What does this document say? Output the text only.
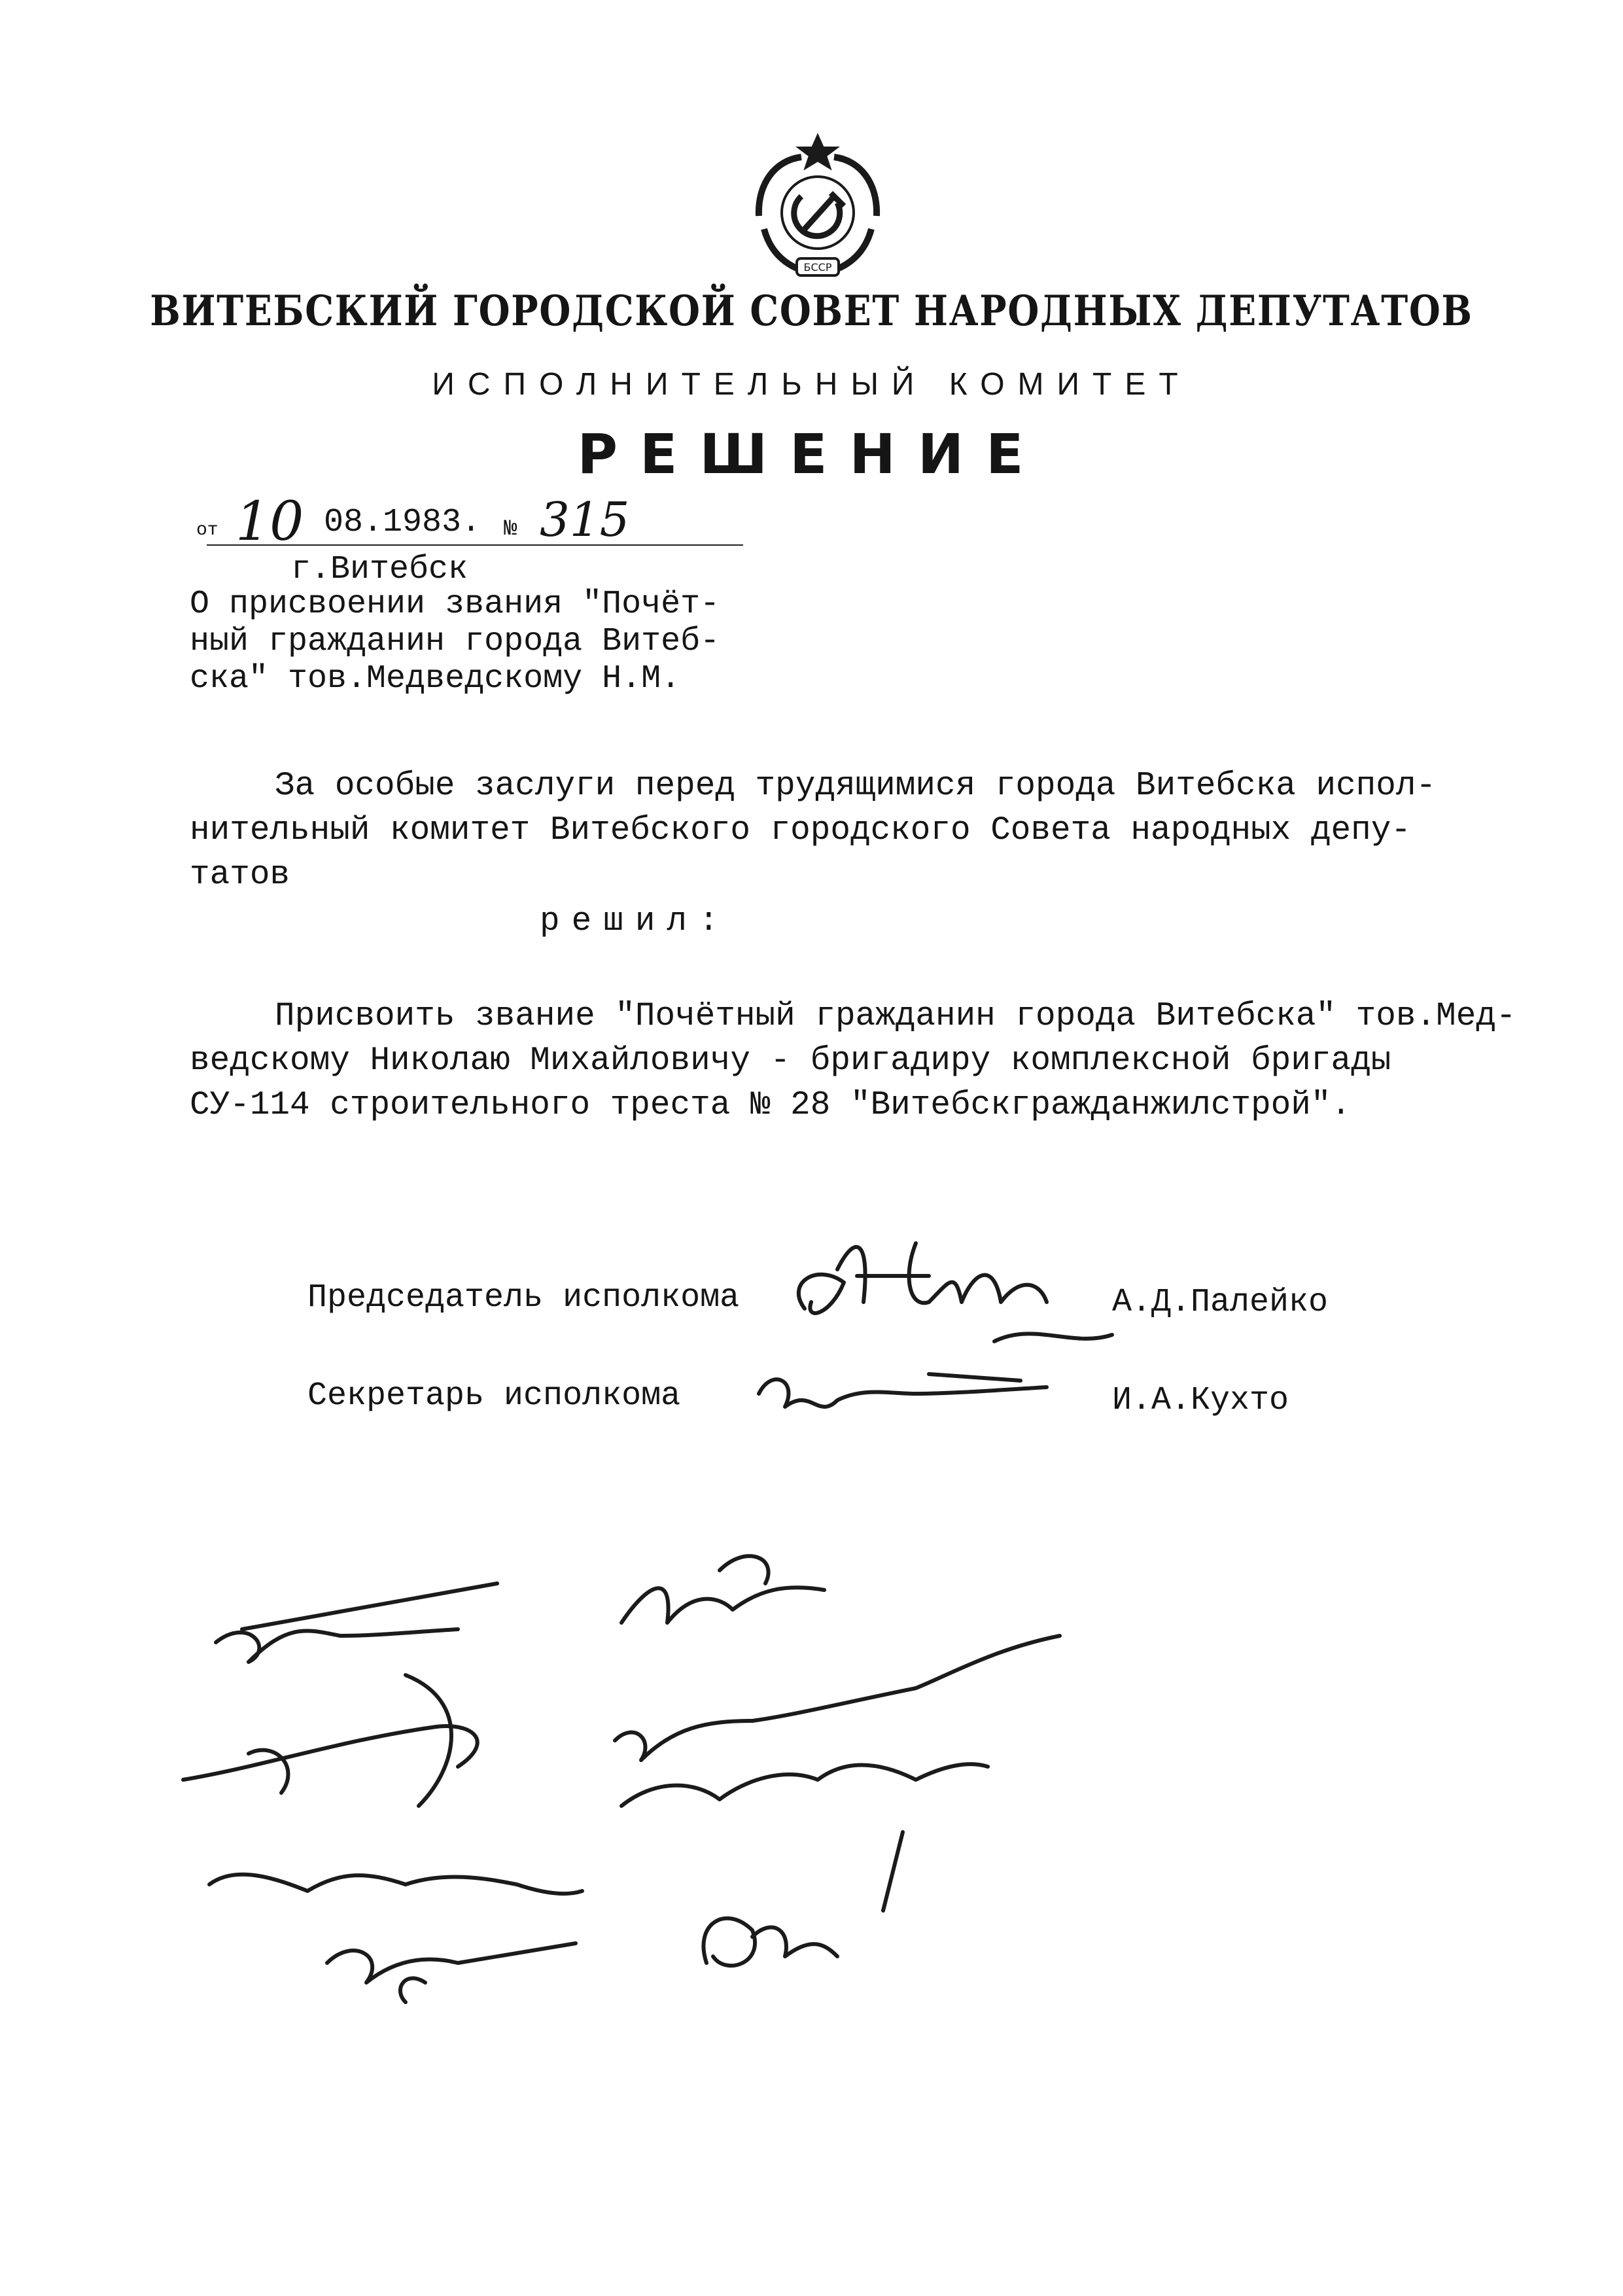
БССР
ВИТЕБСКИЙ ГОРОДСКОЙ СОВЕТ НАРОДНЫХ ДЕПУТАТОВ
ИСПОЛНИТЕЛЬНЫЙ КОМИТЕТ
РЕШЕНИЕ
от 10 08.1983. № 315
г.Витебск
О присвоении звания "Почёт-
ный гражданин города Витеб-
ска" тов.Медведскому Н.М.
За особые заслуги перед трудящимися города Витебска испол-
нительный комитет Витебского городского Совета народных депу-
татов
решил:
Присвоить звание "Почётный гражданин города Витебска" тов.Мед-
ведскому Николаю Михайловичу - бригадиру комплексной бригады
СУ-114 строительного треста № 28 "Витебскгражданжилстрой".
Председатель исполкома	А.Д.Палейко
Секретарь исполкома	И.А.Кухто
